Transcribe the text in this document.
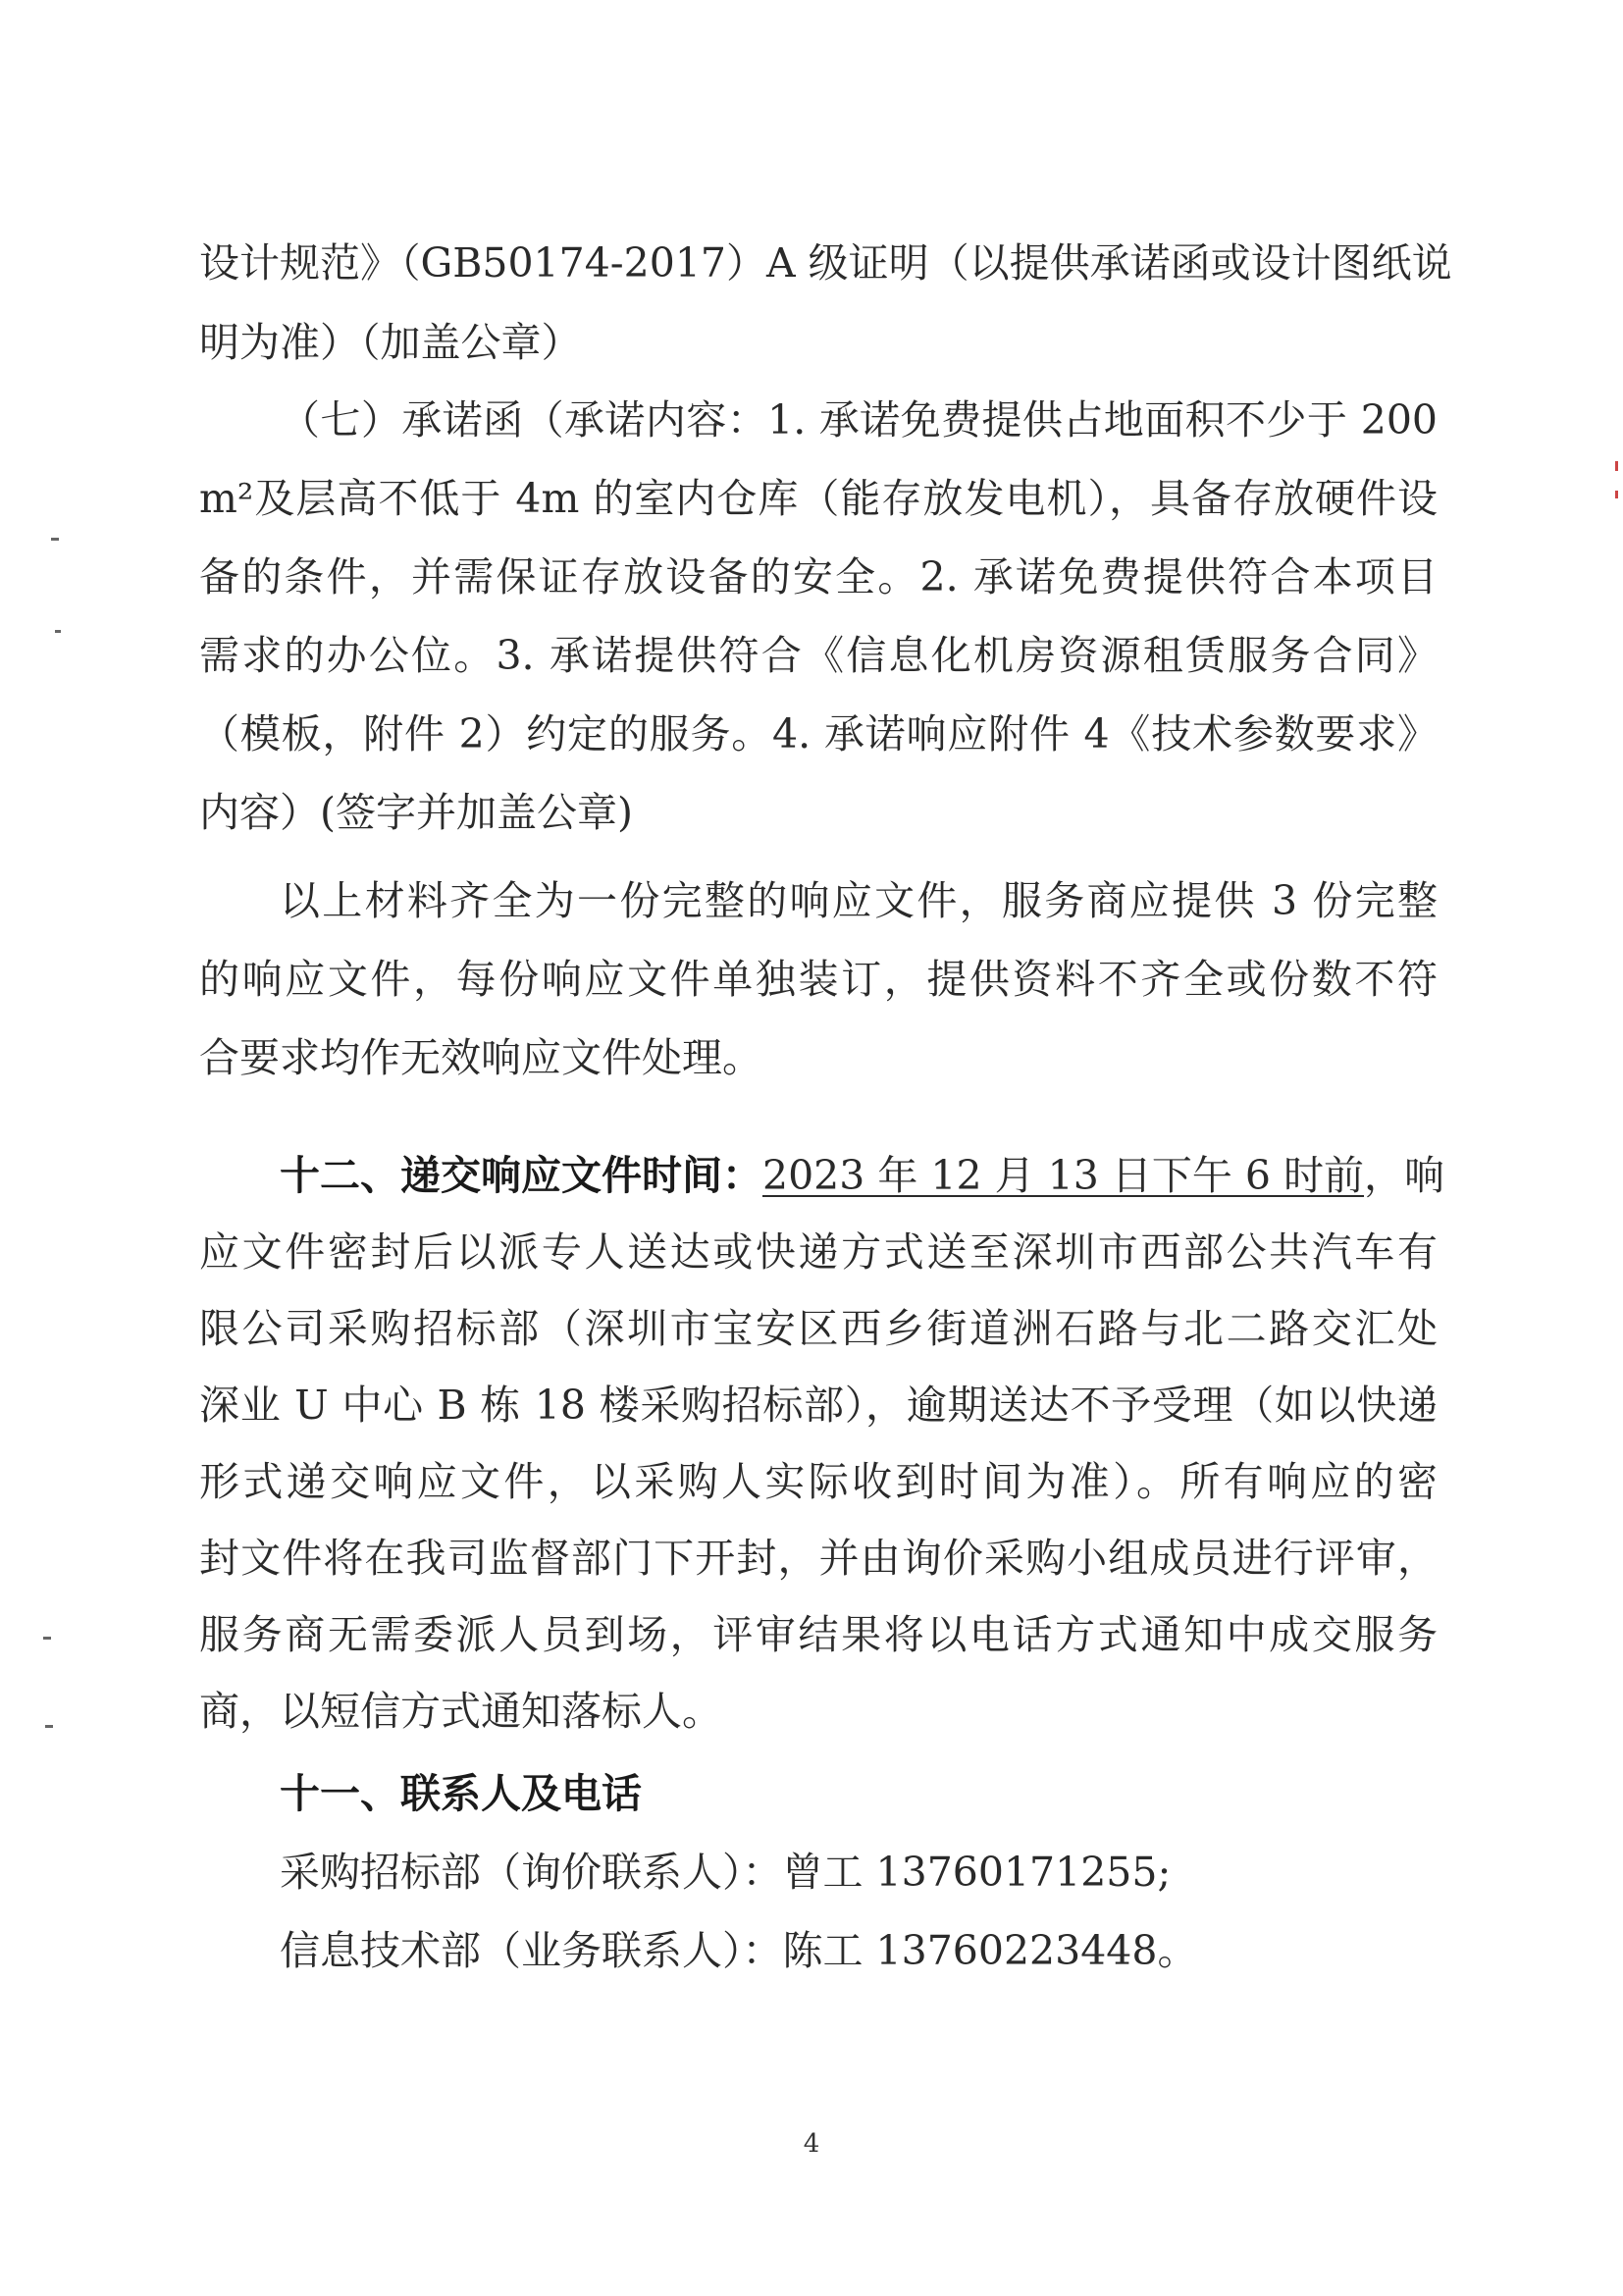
设计规范》（GB50174-2017）A 级证明（以提供承诺函或设计图纸说
明为准）（加盖公章）
（七）承诺函（承诺内容：1. 承诺免费提供占地面积不少于 200
m²及层高不低于 4m 的室内仓库（能存放发电机），具备存放硬件设
备的条件，并需保证存放设备的安全。2. 承诺免费提供符合本项目
需求的办公位。3. 承诺提供符合《信息化机房资源租赁服务合同》
（模板，附件 2）约定的服务。4. 承诺响应附件 4《技术参数要求》
内容）(签字并加盖公章)
以上材料齐全为一份完整的响应文件，服务商应提供 3 份完整
的响应文件，每份响应文件单独装订，提供资料不齐全或份数不符
合要求均作无效响应文件处理。
十二、递交响应文件时间：2023 年 12 月 13 日下午 6 时前，响
应文件密封后以派专人送达或快递方式送至深圳市西部公共汽车有
限公司采购招标部（深圳市宝安区西乡街道洲石路与北二路交汇处
深业 U 中心 B 栋 18 楼采购招标部），逾期送达不予受理（如以快递
形式递交响应文件，以采购人实际收到时间为准）。所有响应的密
封文件将在我司监督部门下开封，并由询价采购小组成员进行评审，
服务商无需委派人员到场，评审结果将以电话方式通知中成交服务
商，以短信方式通知落标人。
十一、联系人及电话
采购招标部（询价联系人）：曾工 13760171255;
信息技术部（业务联系人）：陈工 13760223448。
4
